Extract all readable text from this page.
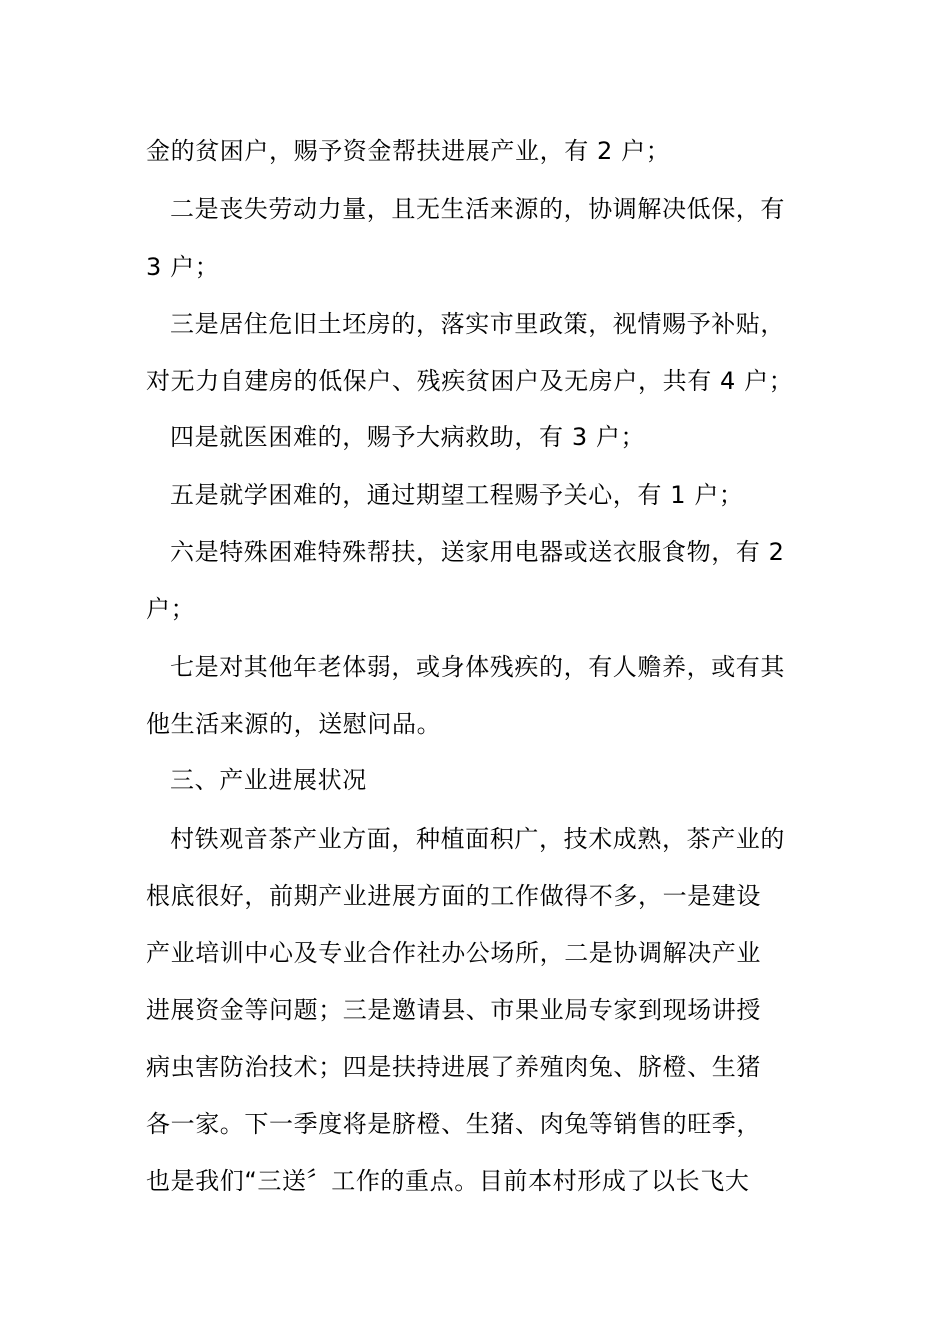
金的贫困户，赐予资金帮扶进展产业，有 2 户；
二是丧失劳动力量，且无生活来源的，协调解决低保，有
3 户；
三是居住危旧土坯房的，落实市里政策，视情赐予补贴，
对无力自建房的低保户、残疾贫困户及无房户，共有 4 户；
四是就医困难的，赐予大病救助，有 3 户；
五是就学困难的，通过期望工程赐予关心，有 1 户；
六是特殊困难特殊帮扶，送家用电器或送衣服食物，有 2
户；
七是对其他年老体弱，或身体残疾的，有人赡养，或有其
他生活来源的，送慰问品。
三、产业进展状况
村铁观音茶产业方面，种植面积广，技术成熟，茶产业的
根底很好，前期产业进展方面的工作做得不多，一是建设
产业培训中心及专业合作社办公场所，二是协调解决产业
进展资金等问题；三是邀请县、市果业局专家到现场讲授
病虫害防治技术；四是扶持进展了养殖肉兔、脐橙、生猪
各一家。下一季度将是脐橙、生猪、肉兔等销售的旺季，
也是我们“三送〞工作的重点。目前本村形成了以长飞大
